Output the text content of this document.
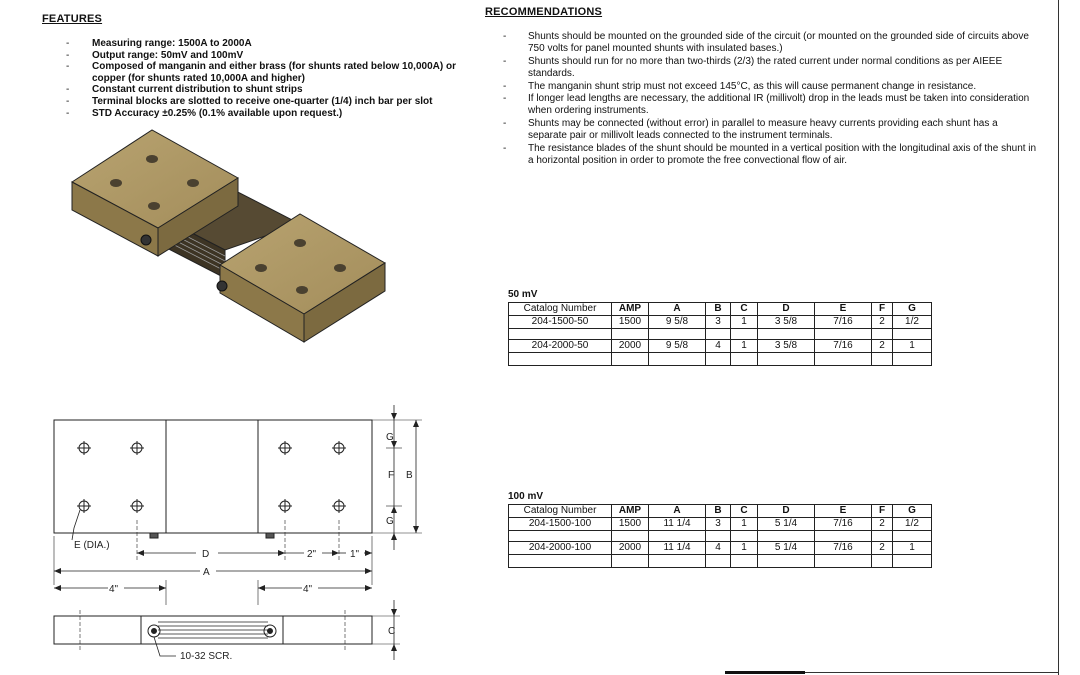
FEATURES
- Measuring range: 1500A to 2000A
- Output range: 50mV and 100mV
- Composed of manganin and either brass (for shunts rated below 10,000A) or copper (for shunts rated 10,000A and higher)
- Constant current distribution to shunt strips
- Terminal blocks are slotted to receive one-quarter (1/4) inch bar per slot
- STD Accuracy ±0.25% (0.1% available upon request.)
RECOMMENDATIONS
- Shunts should be mounted on the grounded side of the circuit (or mounted on the grounded side of circuits above 750 volts for panel mounted shunts with insulated bases.)
- Shunts should run for no more than two-thirds (2/3) the rated current under normal conditions as per AIEEE standards.
- The manganin shunt strip must not exceed 145°C, as this will cause permanent change in resistance.
- If longer lead lengths are necessary, the additional IR (millivolt) drop in the leads must be taken into consideration when ordering instruments.
- Shunts may be connected (without error) in parallel to measure heavy currents providing each shunt has a separate pair or millivolt leads connected to the instrument terminals.
- The resistance blades of the shunt should be mounted in a vertical position with the longitudinal axis of the shunt in a horizontal position in order to promote the free convectional flow of air.
50 mV
Catalog Number	AMP	A	B	C	D	E	F	G
204-1500-50	1500	9 5/8	3	1	3 5/8	7/16	2	1/2

204-2000-50	2000	9 5/8	4	1	3 5/8	7/16	2	1

100 mV
Catalog Number	AMP	A	B	C	D	E	F	G
204-1500-100	1500	11 1/4	3	1	5 1/4	7/16	2	1/2

204-2000-100	2000	11 1/4	4	1	5 1/4	7/16	2	1

G
F B
G
E (DIA.)
D	2"	1"
A
4"	4"
C
10-32 SCR.
